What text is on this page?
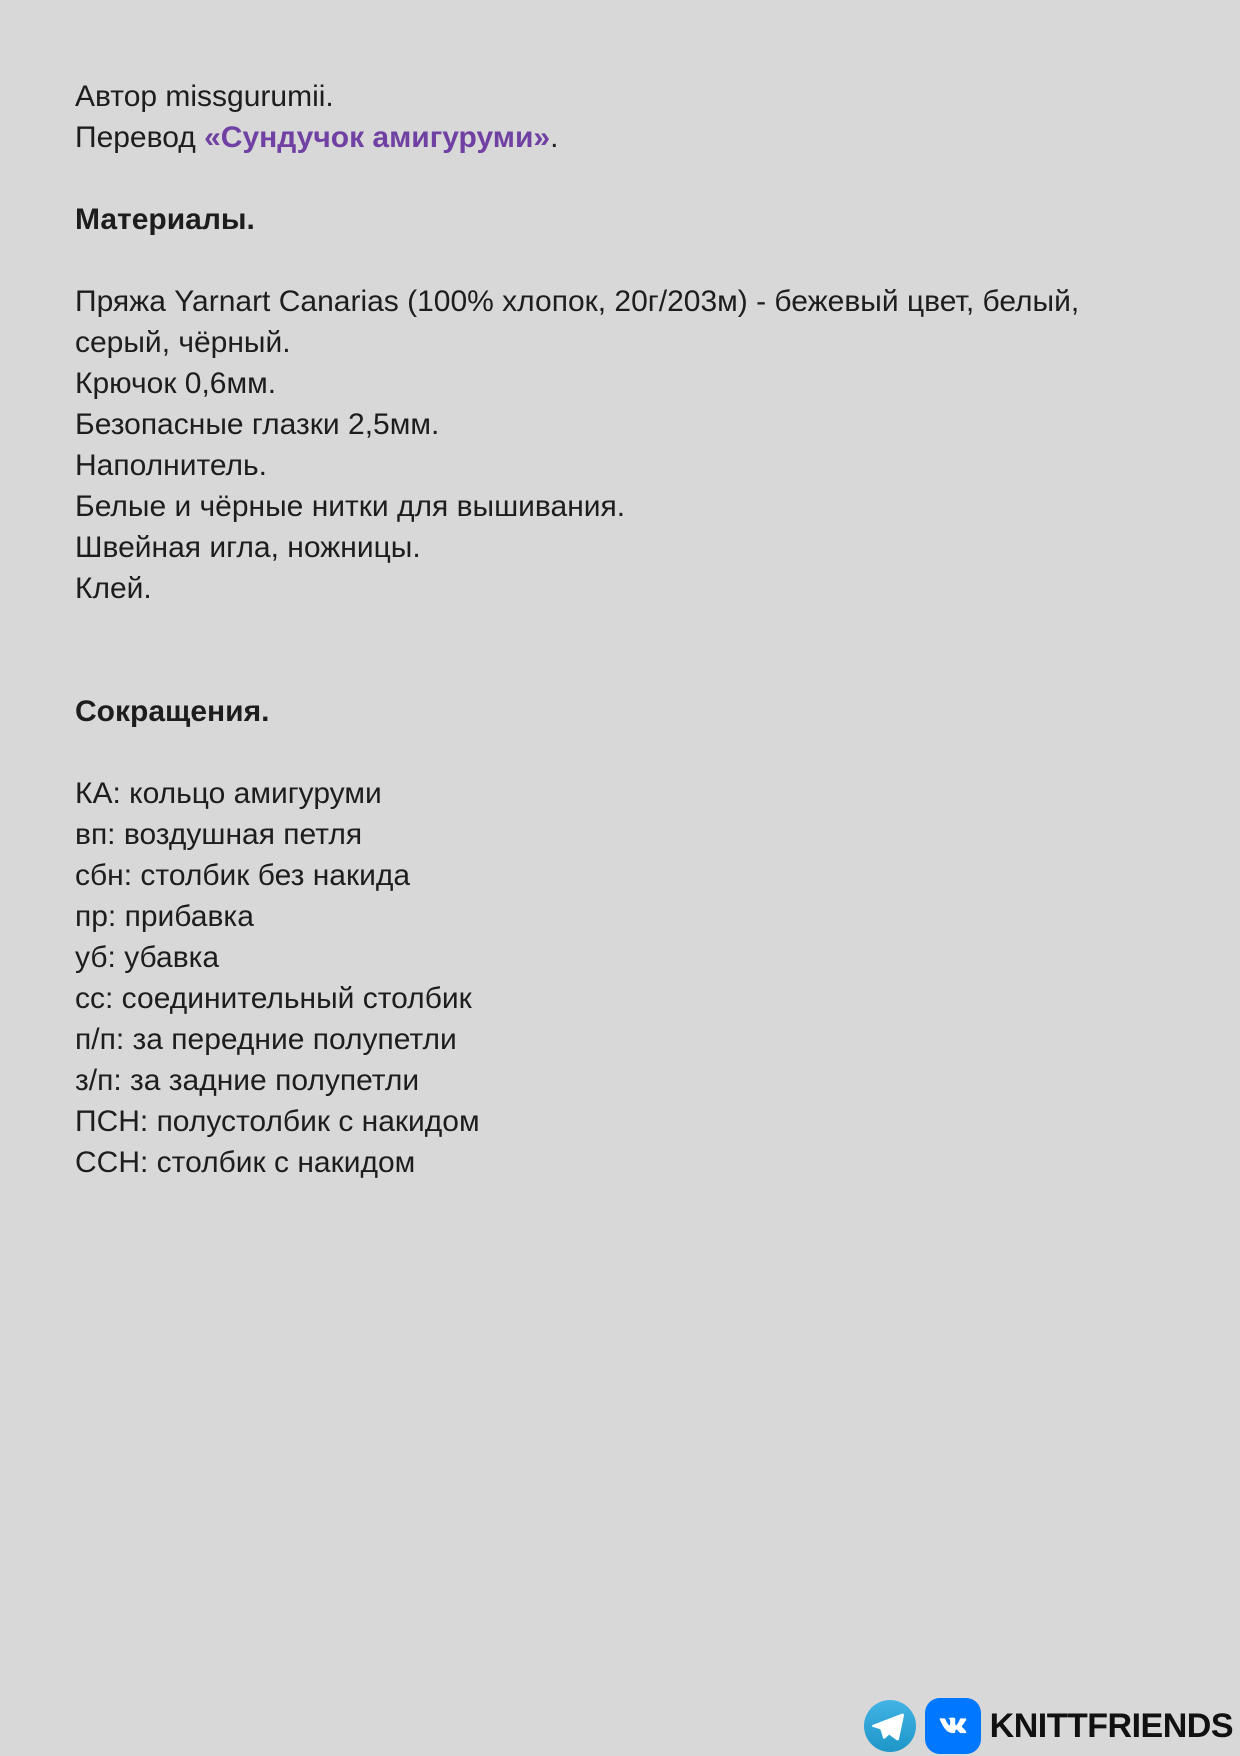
Автор missgurumii.
Перевод «Сундучок амигуруми».
Материалы.
Пряжа Yarnart Canarias (100% хлопок, 20г/203м) - бежевый цвет, белый,
серый, чёрный.
Крючок 0,6мм.
Безопасные глазки 2,5мм.
Наполнитель.
Белые и чёрные нитки для вышивания.
Швейная игла, ножницы.
Клей.
Сокращения.
КА: кольцо амигуруми
вп: воздушная петля
сбн: столбик без накида
пр: прибавка
уб: убавка
сс: соединительный столбик
п/п: за передние полупетли
з/п: за задние полупетли
ПСН: полустолбик с накидом
ССН: столбик с накидом
KNITTFRIENDS
